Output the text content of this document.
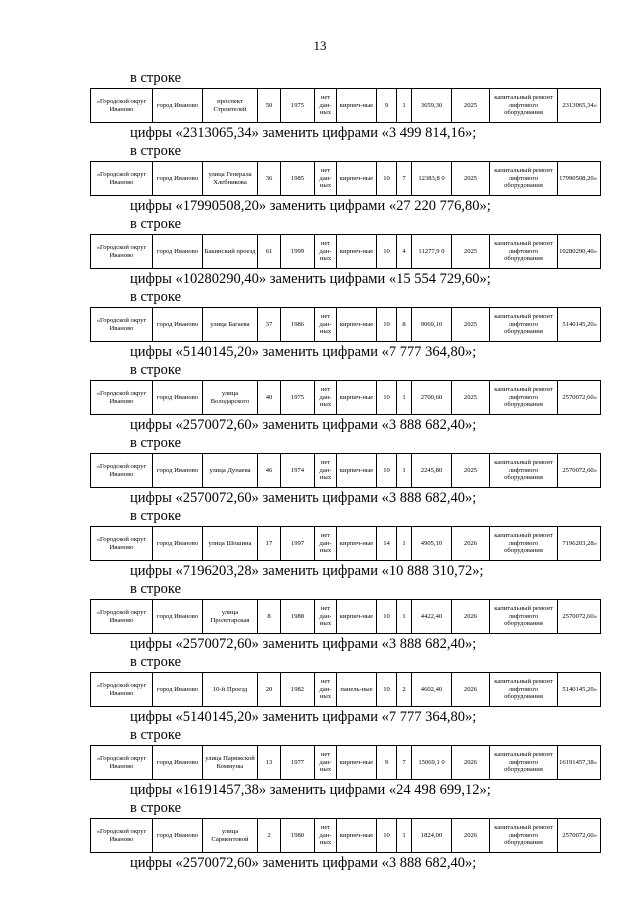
13
в строке
«Городской округ Иваново	город Иваново	проспект Строителей	50	1975	нет дан-ных	кирпич-ные	9	1	3659,30	2025	капитальный ремонт лифтового оборудования	2313065,34»
цифры «2313065,34» заменить цифрами «3 499 814,16»;
в строке
«Городской округ Иваново	город Иваново	улица Генерала Хлебникова	36	1985	нет дан-ных	кирпич-ные	10	7	12383,8 0	2025	капитальный ремонт лифтового оборудования	17990508,20»
цифры «17990508,20» заменить цифрами «27 220 776,80»;
в строке
«Городской округ Иваново	город Иваново	Бакинский проезд	61	1999	нет дан-ных	кирпич-ные	10	4	11277,9 0	2025	капитальный ремонт лифтового оборудования	10280290,40»
цифры «10280290,40» заменить цифрами «15 554 729,60»;
в строке
«Городской округ Иваново	город Иваново	улица Багаева	37	1986	нет дан-ных	кирпич-ные	10	8	9069,10	2025	капитальный ремонт лифтового оборудования	5140145,20»
цифры «5140145,20» заменить цифрами «7 777 364,80»;
в строке
«Городской округ Иваново	город Иваново	улица Володарского	40	1975	нет дан-ных	кирпич-ные	10	1	2700,60	2025	капитальный ремонт лифтового оборудования	2570072,60»
цифры «2570072,60» заменить цифрами «3 888 682,40»;
в строке
«Городской округ Иваново	город Иваново	улица Дунаева	46	1974	нет дан-ных	кирпич-ные	10	1	2245,80	2025	капитальный ремонт лифтового оборудования	2570072,60»
цифры «2570072,60» заменить цифрами «3 888 682,40»;
в строке
«Городской округ Иваново	город Иваново	улица Шошина	17	1997	нет дан-ных	кирпич-ные	14	1	4905,10	2026	капитальный ремонт лифтового оборудования	7196203,28»
цифры «7196203,28» заменить цифрами «10 888 310,72»;
в строке
«Городской округ Иваново	город Иваново	улица Пролетарская	8	1988	нет дан-ных	кирпич-ные	10	1	4422,40	2026	капитальный ремонт лифтового оборудования	2570072,60»
цифры «2570072,60» заменить цифрами «3 888 682,40»;
в строке
«Городской округ Иваново	город Иваново	10-й Проезд	20	1982	нет дан-ных	панель-ные	10	2	4602,40	2026	капитальный ремонт лифтового оборудования	5140145,20»
цифры «5140145,20» заменить цифрами «7 777 364,80»;
в строке
«Городской округ Иваново	город Иваново	улица Парижской Коммуны	13	1977	нет дан-ных	кирпич-ные	9	7	15069,1 0	2026	капитальный ремонт лифтового оборудования	16191457,38»
цифры «16191457,38» заменить цифрами «24 498 699,12»;
в строке
«Городской округ Иваново	город Иваново	улица Сарментовой	2	1980	нет дан-ных	кирпич-ные	10	1	1824,00	2026	капитальный ремонт лифтового оборудования	2570072,60»
цифры «2570072,60» заменить цифрами «3 888 682,40»;
